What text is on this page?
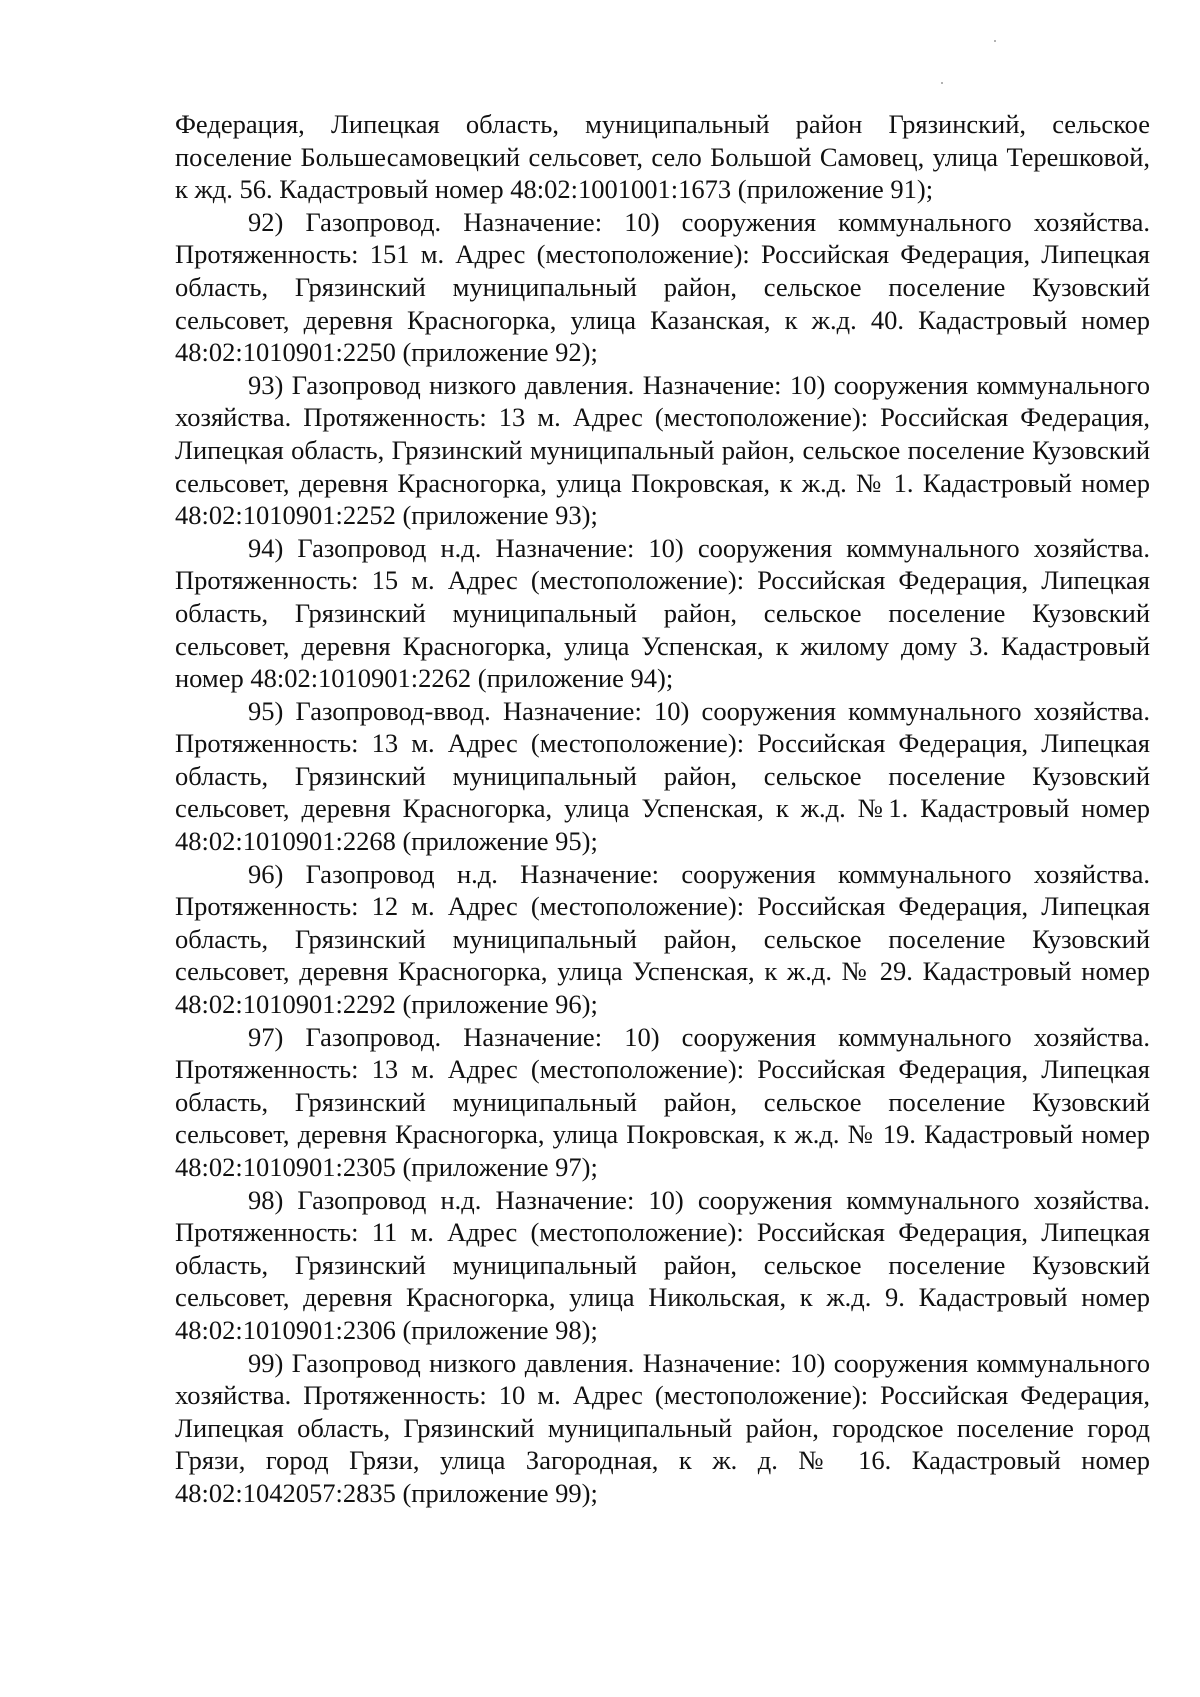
Федерация, Липецкая область, муниципальный район Грязинский, сельское поселение Большесамовецкий сельсовет, село Большой Самовец, улица Терешковой, к жд. 56. Кадастровый номер 48:02:1001001:1673 (приложение 91);

92) Газопровод. Назначение: 10) сооружения коммунального хозяйства. Протяженность: 151 м. Адрес (местоположение): Российская Федерация, Липецкая область, Грязинский муниципальный район, сельское поселение Кузовский сельсовет, деревня Красногорка, улица Казанская, к ж.д. 40. Кадастровый номер 48:02:1010901:2250 (приложение 92);

93) Газопровод низкого давления. Назначение: 10) сооружения коммунального хозяйства. Протяженность: 13 м. Адрес (местоположение): Российская Федерация, Липецкая область, Грязинский муниципальный район, сельское поселение Кузовский сельсовет, деревня Красногорка, улица Покровская, к ж.д. № 1. Кадастровый номер 48:02:1010901:2252 (приложение 93);

94) Газопровод н.д. Назначение: 10) сооружения коммунального хозяйства. Протяженность: 15 м. Адрес (местоположение): Российская Федерация, Липецкая область, Грязинский муниципальный район, сельское поселение Кузовский сельсовет, деревня Красногорка, улица Успенская, к жилому дому 3. Кадастровый номер 48:02:1010901:2262 (приложение 94);

95) Газопровод-ввод. Назначение: 10) сооружения коммунального хозяйства. Протяженность: 13 м. Адрес (местоположение): Российская Федерация, Липецкая область, Грязинский муниципальный район, сельское поселение Кузовский сельсовет, деревня Красногорка, улица Успенская, к ж.д. №1. Кадастровый номер 48:02:1010901:2268 (приложение 95);

96) Газопровод н.д. Назначение: сооружения коммунального хозяйства. Протяженность: 12 м. Адрес (местоположение): Российская Федерация, Липецкая область, Грязинский муниципальный район, сельское поселение Кузовский сельсовет, деревня Красногорка, улица Успенская, к ж.д. № 29. Кадастровый номер 48:02:1010901:2292 (приложение 96);

97) Газопровод. Назначение: 10) сооружения коммунального хозяйства. Протяженность: 13 м. Адрес (местоположение): Российская Федерация, Липецкая область, Грязинский муниципальный район, сельское поселение Кузовский сельсовет, деревня Красногорка, улица Покровская, к ж.д. № 19. Кадастровый номер 48:02:1010901:2305 (приложение 97);

98) Газопровод н.д. Назначение: 10) сооружения коммунального хозяйства. Протяженность: 11 м. Адрес (местоположение): Российская Федерация, Липецкая область, Грязинский муниципальный район, сельское поселение Кузовский сельсовет, деревня Красногорка, улица Никольская, к ж.д. 9. Кадастровый номер 48:02:1010901:2306 (приложение 98);

99) Газопровод низкого давления. Назначение: 10) сооружения коммунального хозяйства. Протяженность: 10 м. Адрес (местоположение): Российская Федерация, Липецкая область, Грязинский муниципальный район, городское поселение город Грязи, город Грязи, улица Загородная, к ж. д. № 16. Кадастровый номер 48:02:1042057:2835 (приложение 99);
